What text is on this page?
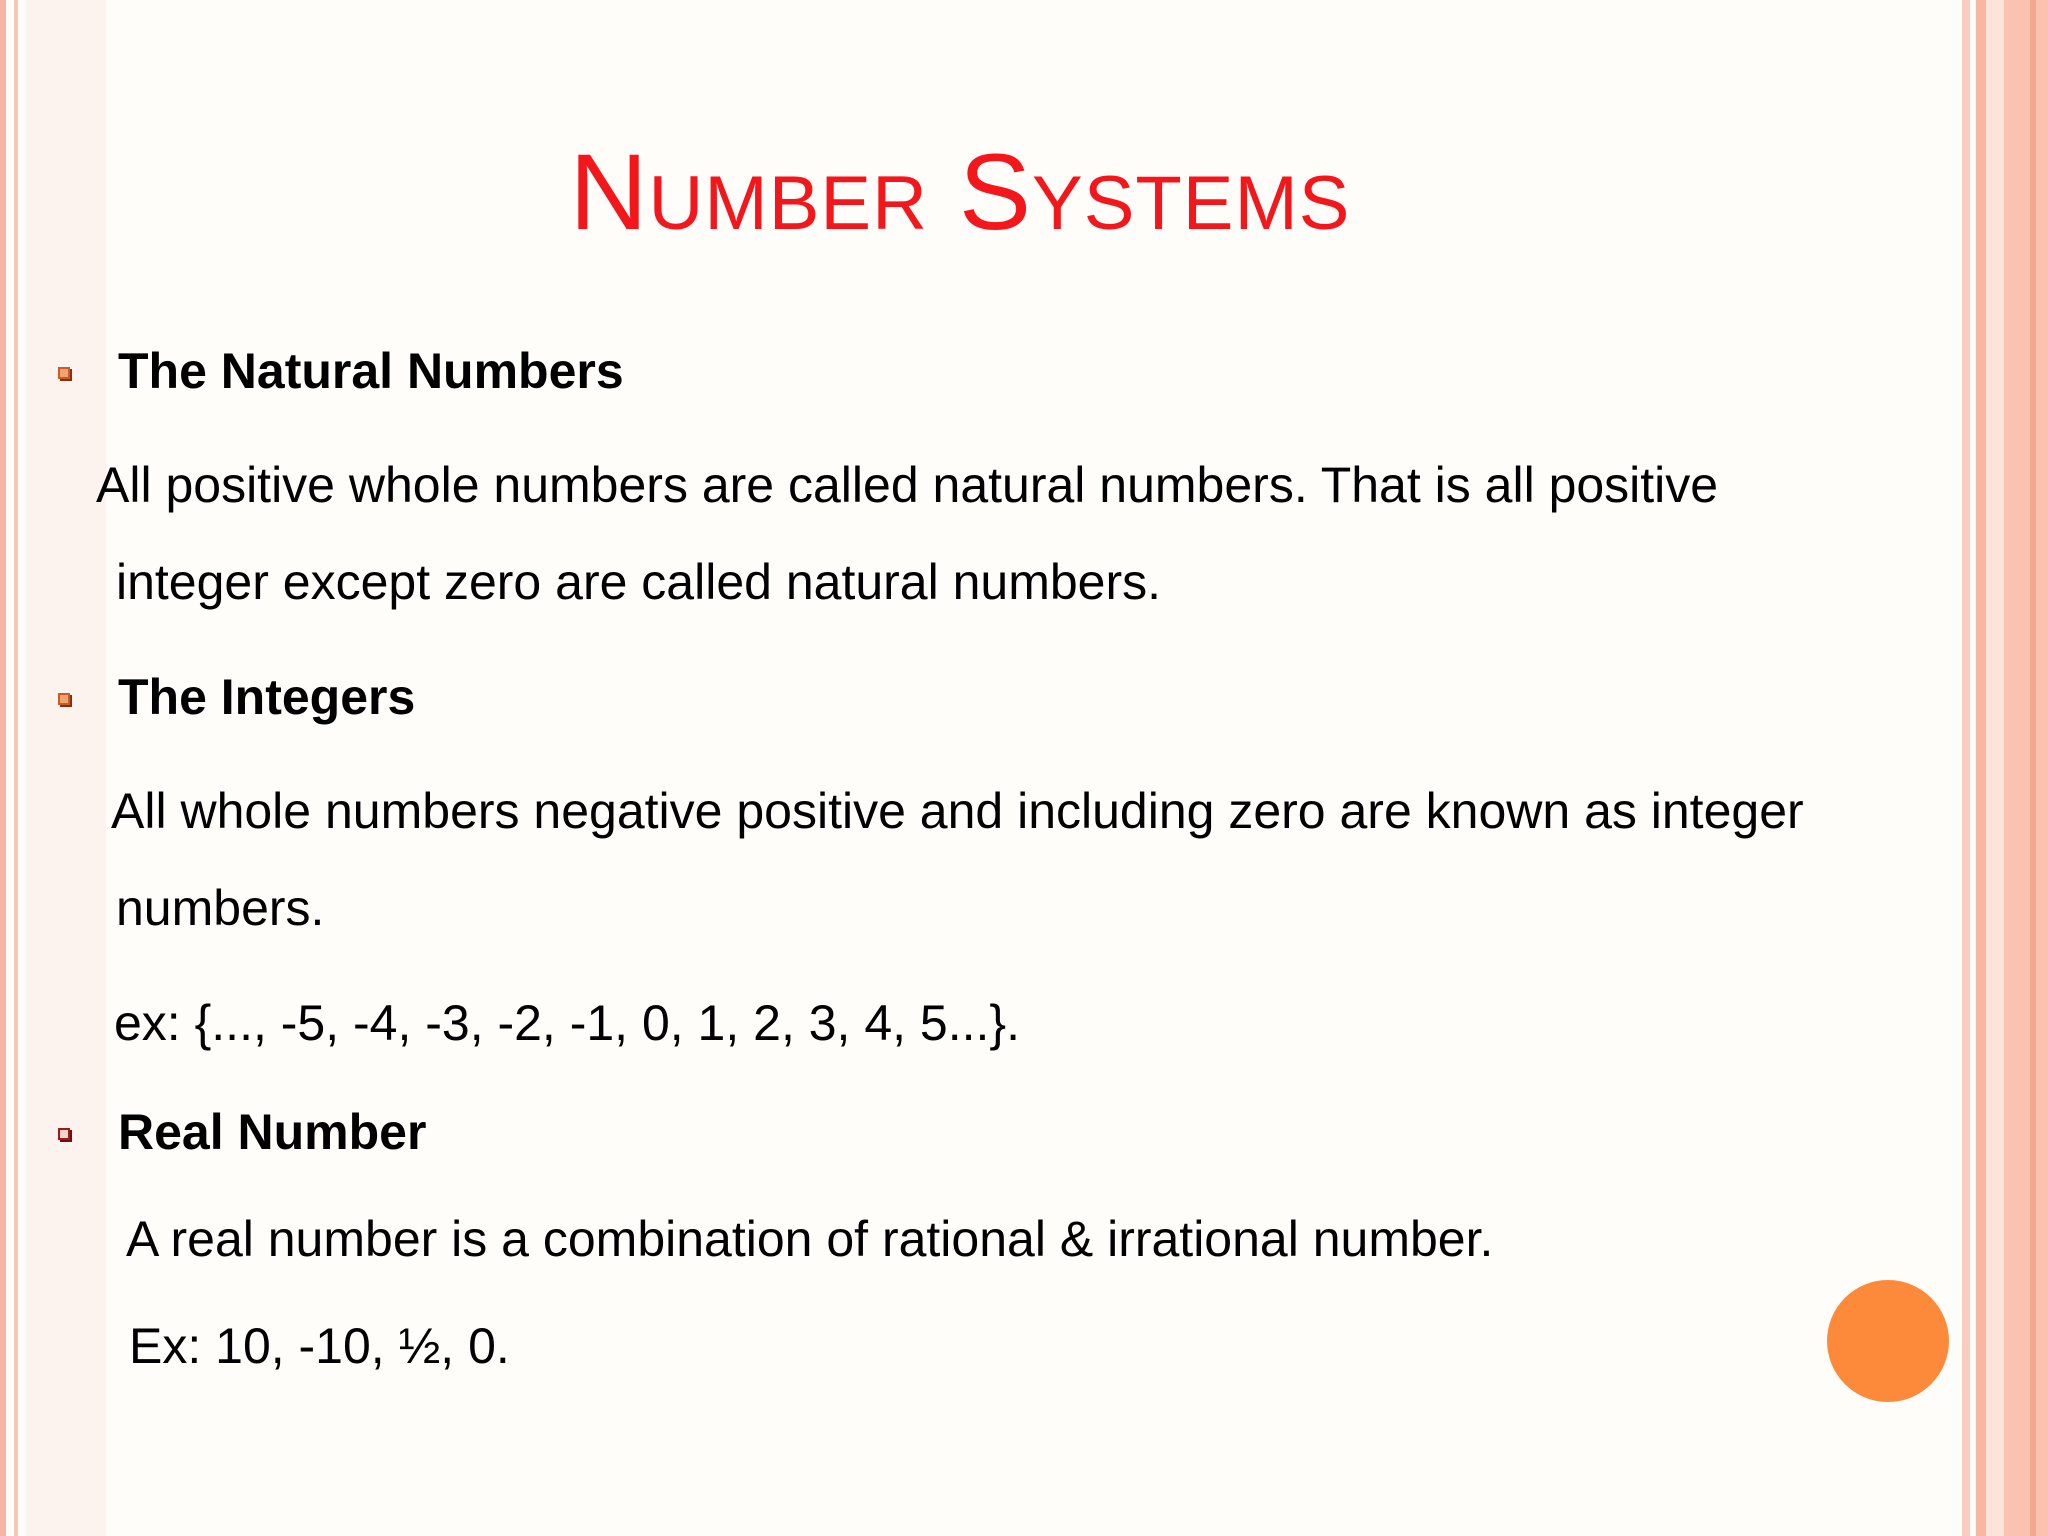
Number Systems
The Natural Numbers
All positive whole numbers are called natural numbers. That is all positive
integer except zero are called natural numbers.
The Integers
All whole numbers negative positive and including zero are known as integer
numbers.
ex: {..., -5, -4, -3, -2, -1, 0, 1, 2, 3, 4, 5...}.
Real Number
A real number is a combination of rational & irrational number.
Ex: 10, -10, ½, 0.
